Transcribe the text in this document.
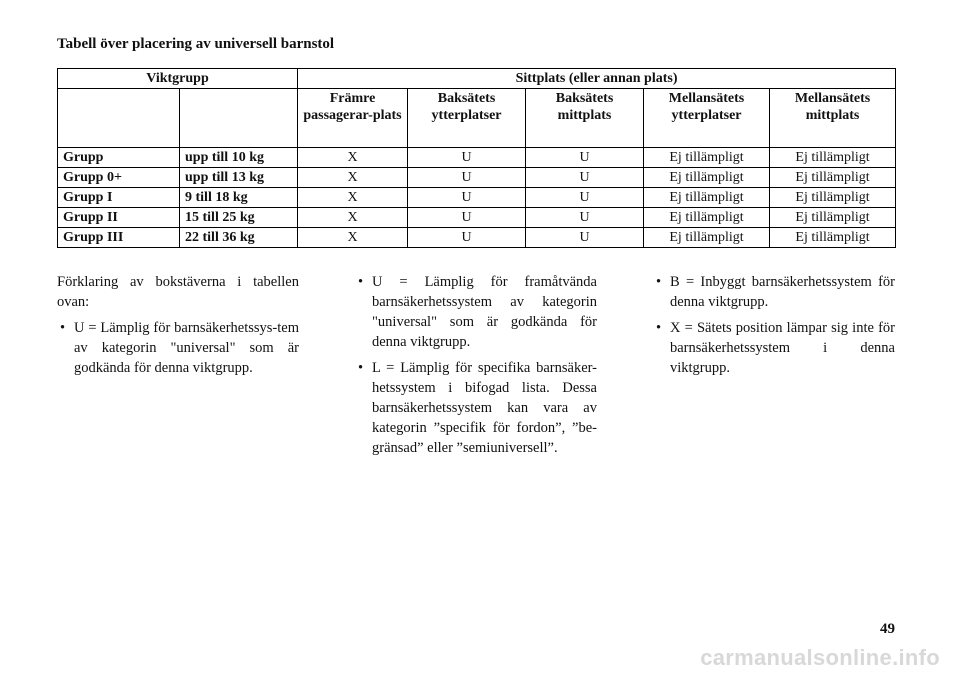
Tabell över placering av universell barnstol
Viktgrupp		Sittplats (eller annan plats)				
		Främre passagerar-plats	Baksätets ytterplatser	Baksätets mittplats	Mellansätets ytterplatser	Mellansätets mittplats
Grupp	upp till 10 kg	X	U	U	Ej tillämpligt	Ej tillämpligt
Grupp 0+	upp till 13 kg	X	U	U	Ej tillämpligt	Ej tillämpligt
Grupp I	9 till 18 kg	X	U	U	Ej tillämpligt	Ej tillämpligt
Grupp II	15 till 25 kg	X	U	U	Ej tillämpligt	Ej tillämpligt
Grupp III	22 till 36 kg	X	U	U	Ej tillämpligt	Ej tillämpligt

Förklaring av bokstäverna i tabellen ovan:

• U = Lämplig för barnsäkerhetssys-tem av kategorin "universal" som är godkända för denna viktgrupp.
• U = Lämplig för framåtvända barnsäkerhetssystem av kategorin "universal" som är godkända för denna viktgrupp.
• L = Lämplig för specifika barnsäker-hetssystem i bifogad lista. Dessa barnsäkerhetssystem kan vara av kategorin ”specifik för fordon”, ”be-gränsad” eller ”semiuniversell”.
• B = Inbyggt barnsäkerhetssystem för denna viktgrupp.
• X = Sätets position lämpar sig inte för barnsäkerhetssystem i denna viktgrupp.
49
carmanualsonline.info
